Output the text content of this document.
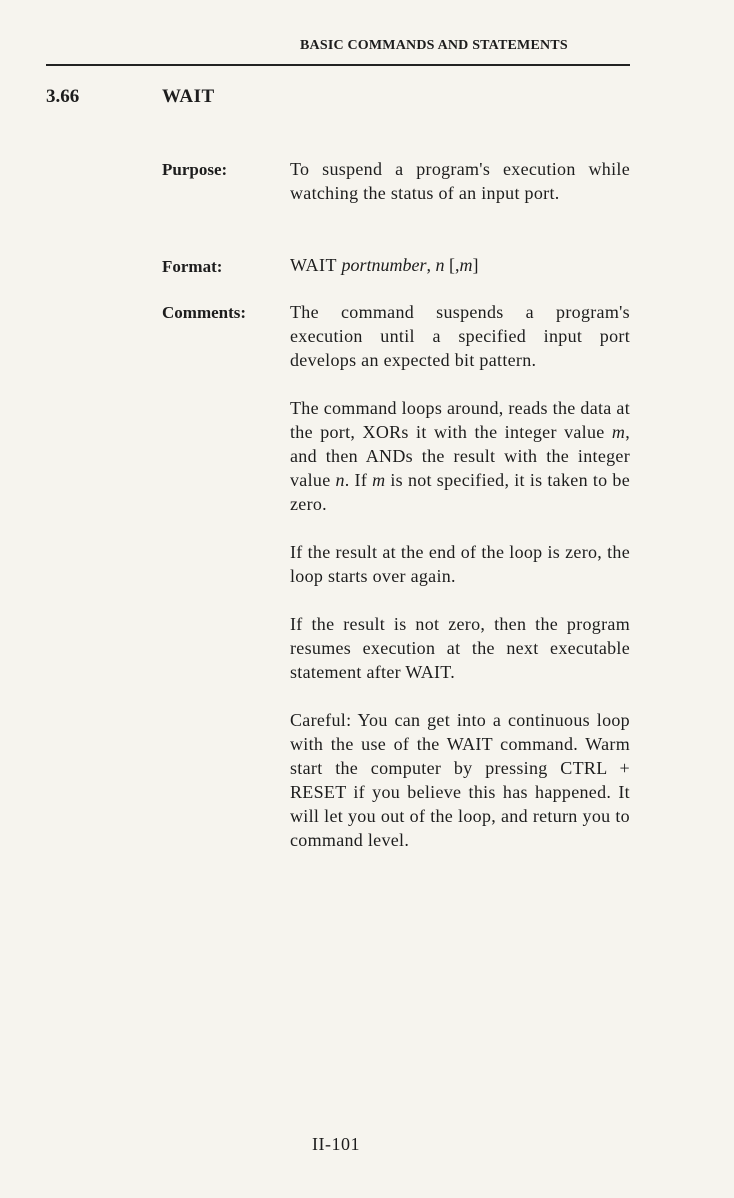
BASIC COMMANDS AND STATEMENTS
3.66	WAIT
Purpose:	To suspend a program's execution while watching the status of an input port.

Format:	WAIT portnumber, n [,m]
Comments: The command suspends a program's execution until a specified input port develops an expected bit pattern.

The command loops around, reads the data at the port, XORs it with the integer value m, and then ANDs the result with the integer value n. If m is not specified, it is taken to be zero.

If the result at the end of the loop is zero, the loop starts over again.

If the result is not zero, then the program resumes execution at the next executable statement after WAIT.

Careful: You can get into a continuous loop with the use of the WAIT command. Warm start the computer by pressing CTRL + RESET if you believe this has happened. It will let you out of the loop, and return you to command level.

II-101
